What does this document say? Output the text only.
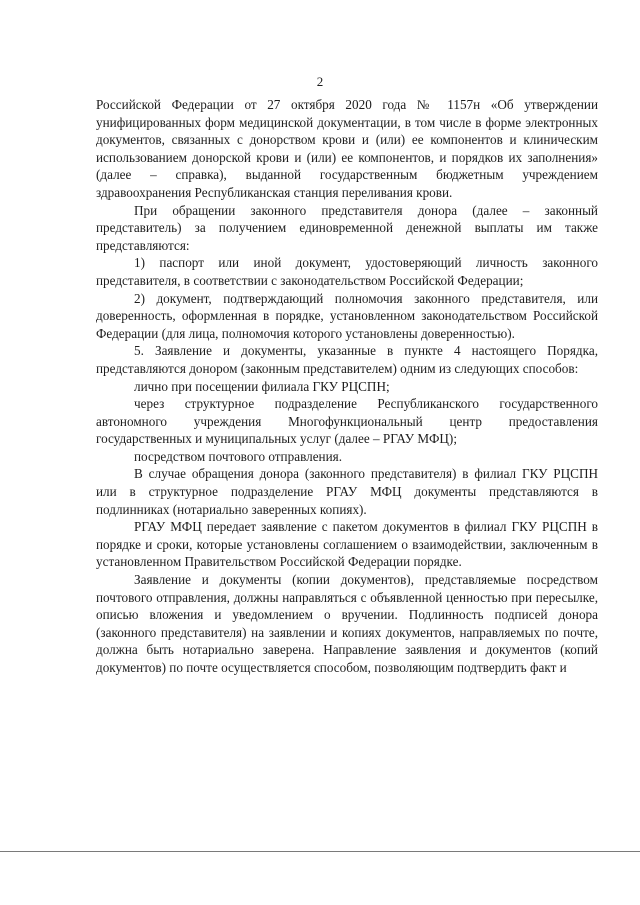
2

Российской Федерации от 27 октября 2020 года № 1157н «Об утверждении унифицированных форм медицинской документации, в том числе в форме электронных документов, связанных с донорством крови и (или) ее компонентов и клиническим использованием донорской крови и (или) ее компонентов, и порядков их заполнения» (далее – справка), выданной государственным бюджетным учреждением здравоохранения Республиканская станция переливания крови.

При обращении законного представителя донора (далее – законный представитель) за получением единовременной денежной выплаты им также представляются:

1) паспорт или иной документ, удостоверяющий личность законного представителя, в соответствии с законодательством Российской Федерации;

2) документ, подтверждающий полномочия законного представителя, или доверенность, оформленная в порядке, установленном законодательством Российской Федерации (для лица, полномочия которого установлены доверенностью).

5. Заявление и документы, указанные в пункте 4 настоящего Порядка, представляются донором (законным представителем) одним из следующих способов:

лично при посещении филиала ГКУ РЦСПН;

через структурное подразделение Республиканского государственного автономного учреждения Многофункциональный центр предоставления государственных и муниципальных услуг (далее – РГАУ МФЦ);

посредством почтового отправления.

В случае обращения донора (законного представителя) в филиал ГКУ РЦСПН или в структурное подразделение РГАУ МФЦ документы представляются в подлинниках (нотариально заверенных копиях).

РГАУ МФЦ передает заявление с пакетом документов в филиал ГКУ РЦСПН в порядке и сроки, которые установлены соглашением о взаимодействии, заключенным в установленном Правительством Российской Федерации порядке.

Заявление и документы (копии документов), представляемые посредством почтового отправления, должны направляться с объявленной ценностью при пересылке, описью вложения и уведомлением о вручении. Подлинность подписей донора (законного представителя) на заявлении и копиях документов, направляемых по почте, должна быть нотариально заверена. Направление заявления и документов (копий документов) по почте осуществляется способом, позволяющим подтвердить факт и
